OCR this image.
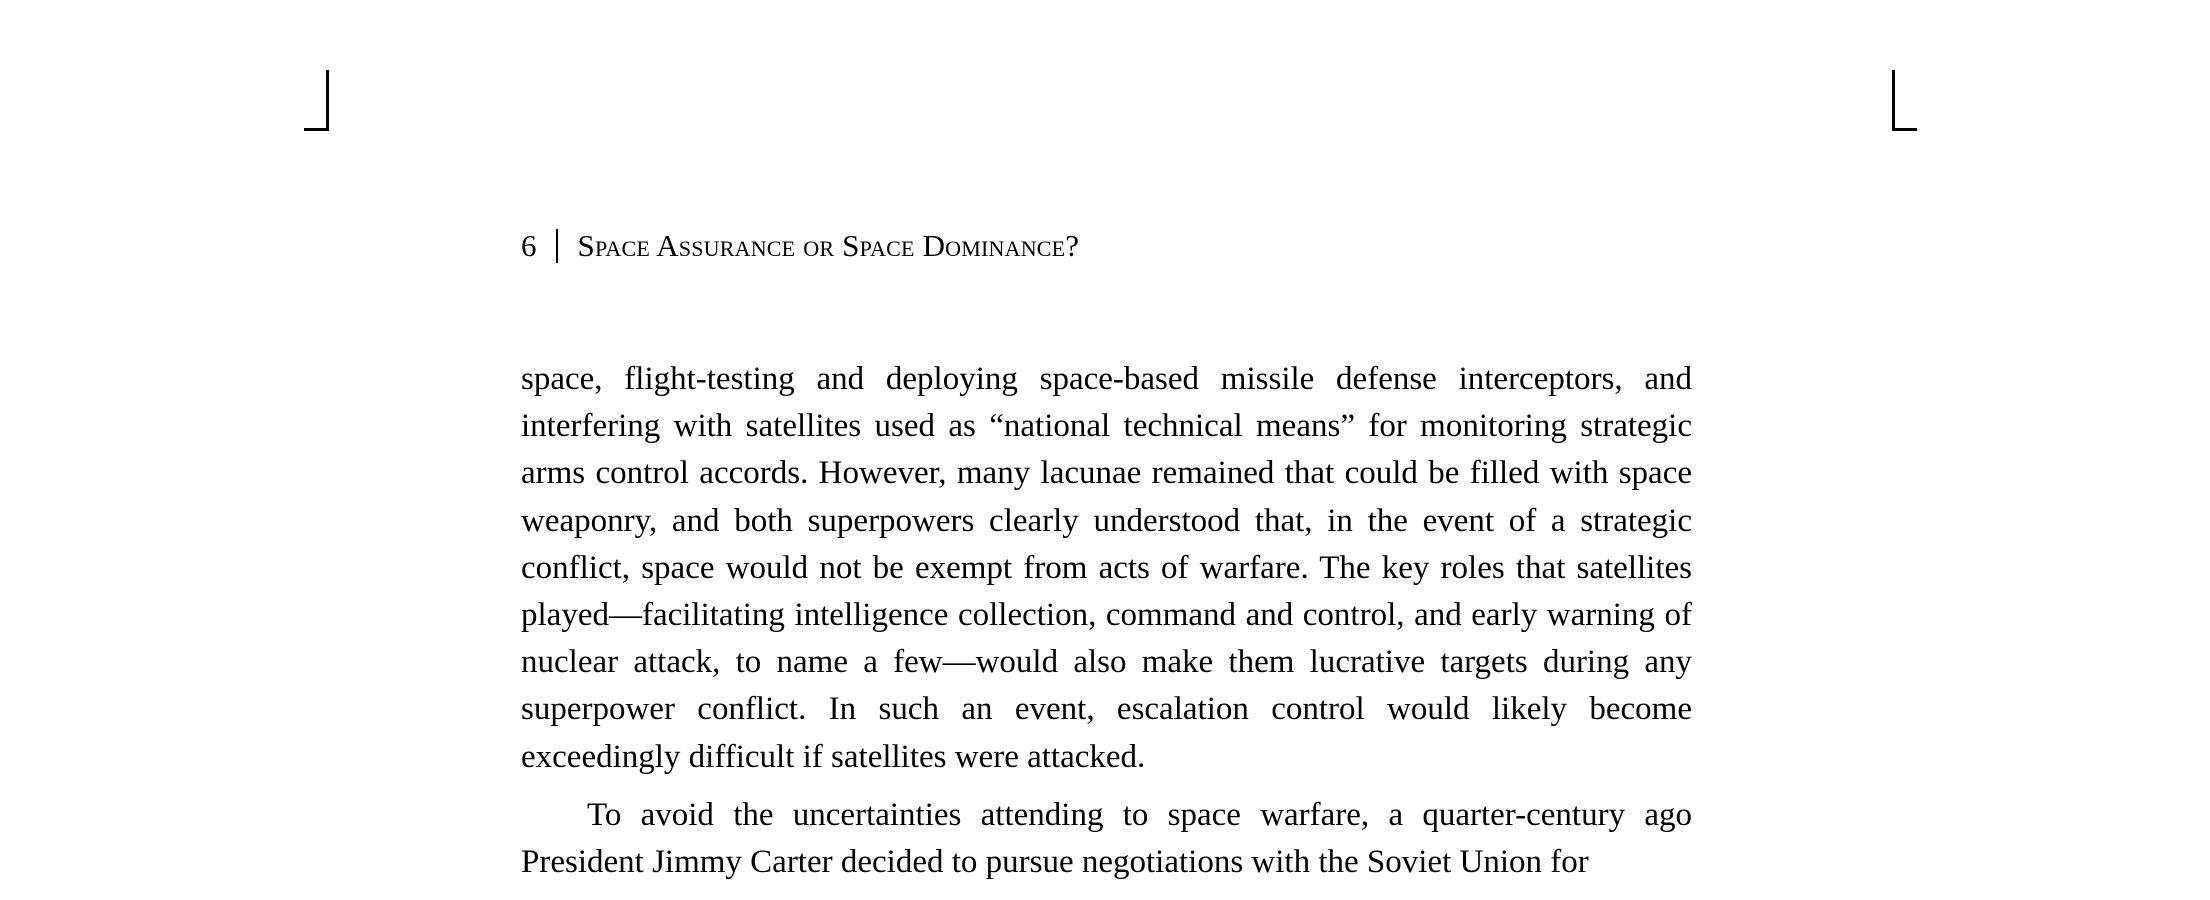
6 Space Assurance or Space Dominance?

space, flight-testing and deploying space-based missile defense interceptors, and interfering with satellites used as “national technical means” for monitoring strategic arms control accords. However, many lacunae remained that could be filled with space weaponry, and both superpowers clearly understood that, in the event of a strategic conflict, space would not be exempt from acts of warfare. The key roles that satellites played—facilitating intelligence collection, command and control, and early warning of nuclear attack, to name a few—would also make them lucrative targets during any superpower conflict. In such an event, escalation control would likely become exceedingly difficult if satellites were attacked.

To avoid the uncertainties attending to space warfare, a quarter-century ago President Jimmy Carter decided to pursue negotiations with the Soviet Union for
